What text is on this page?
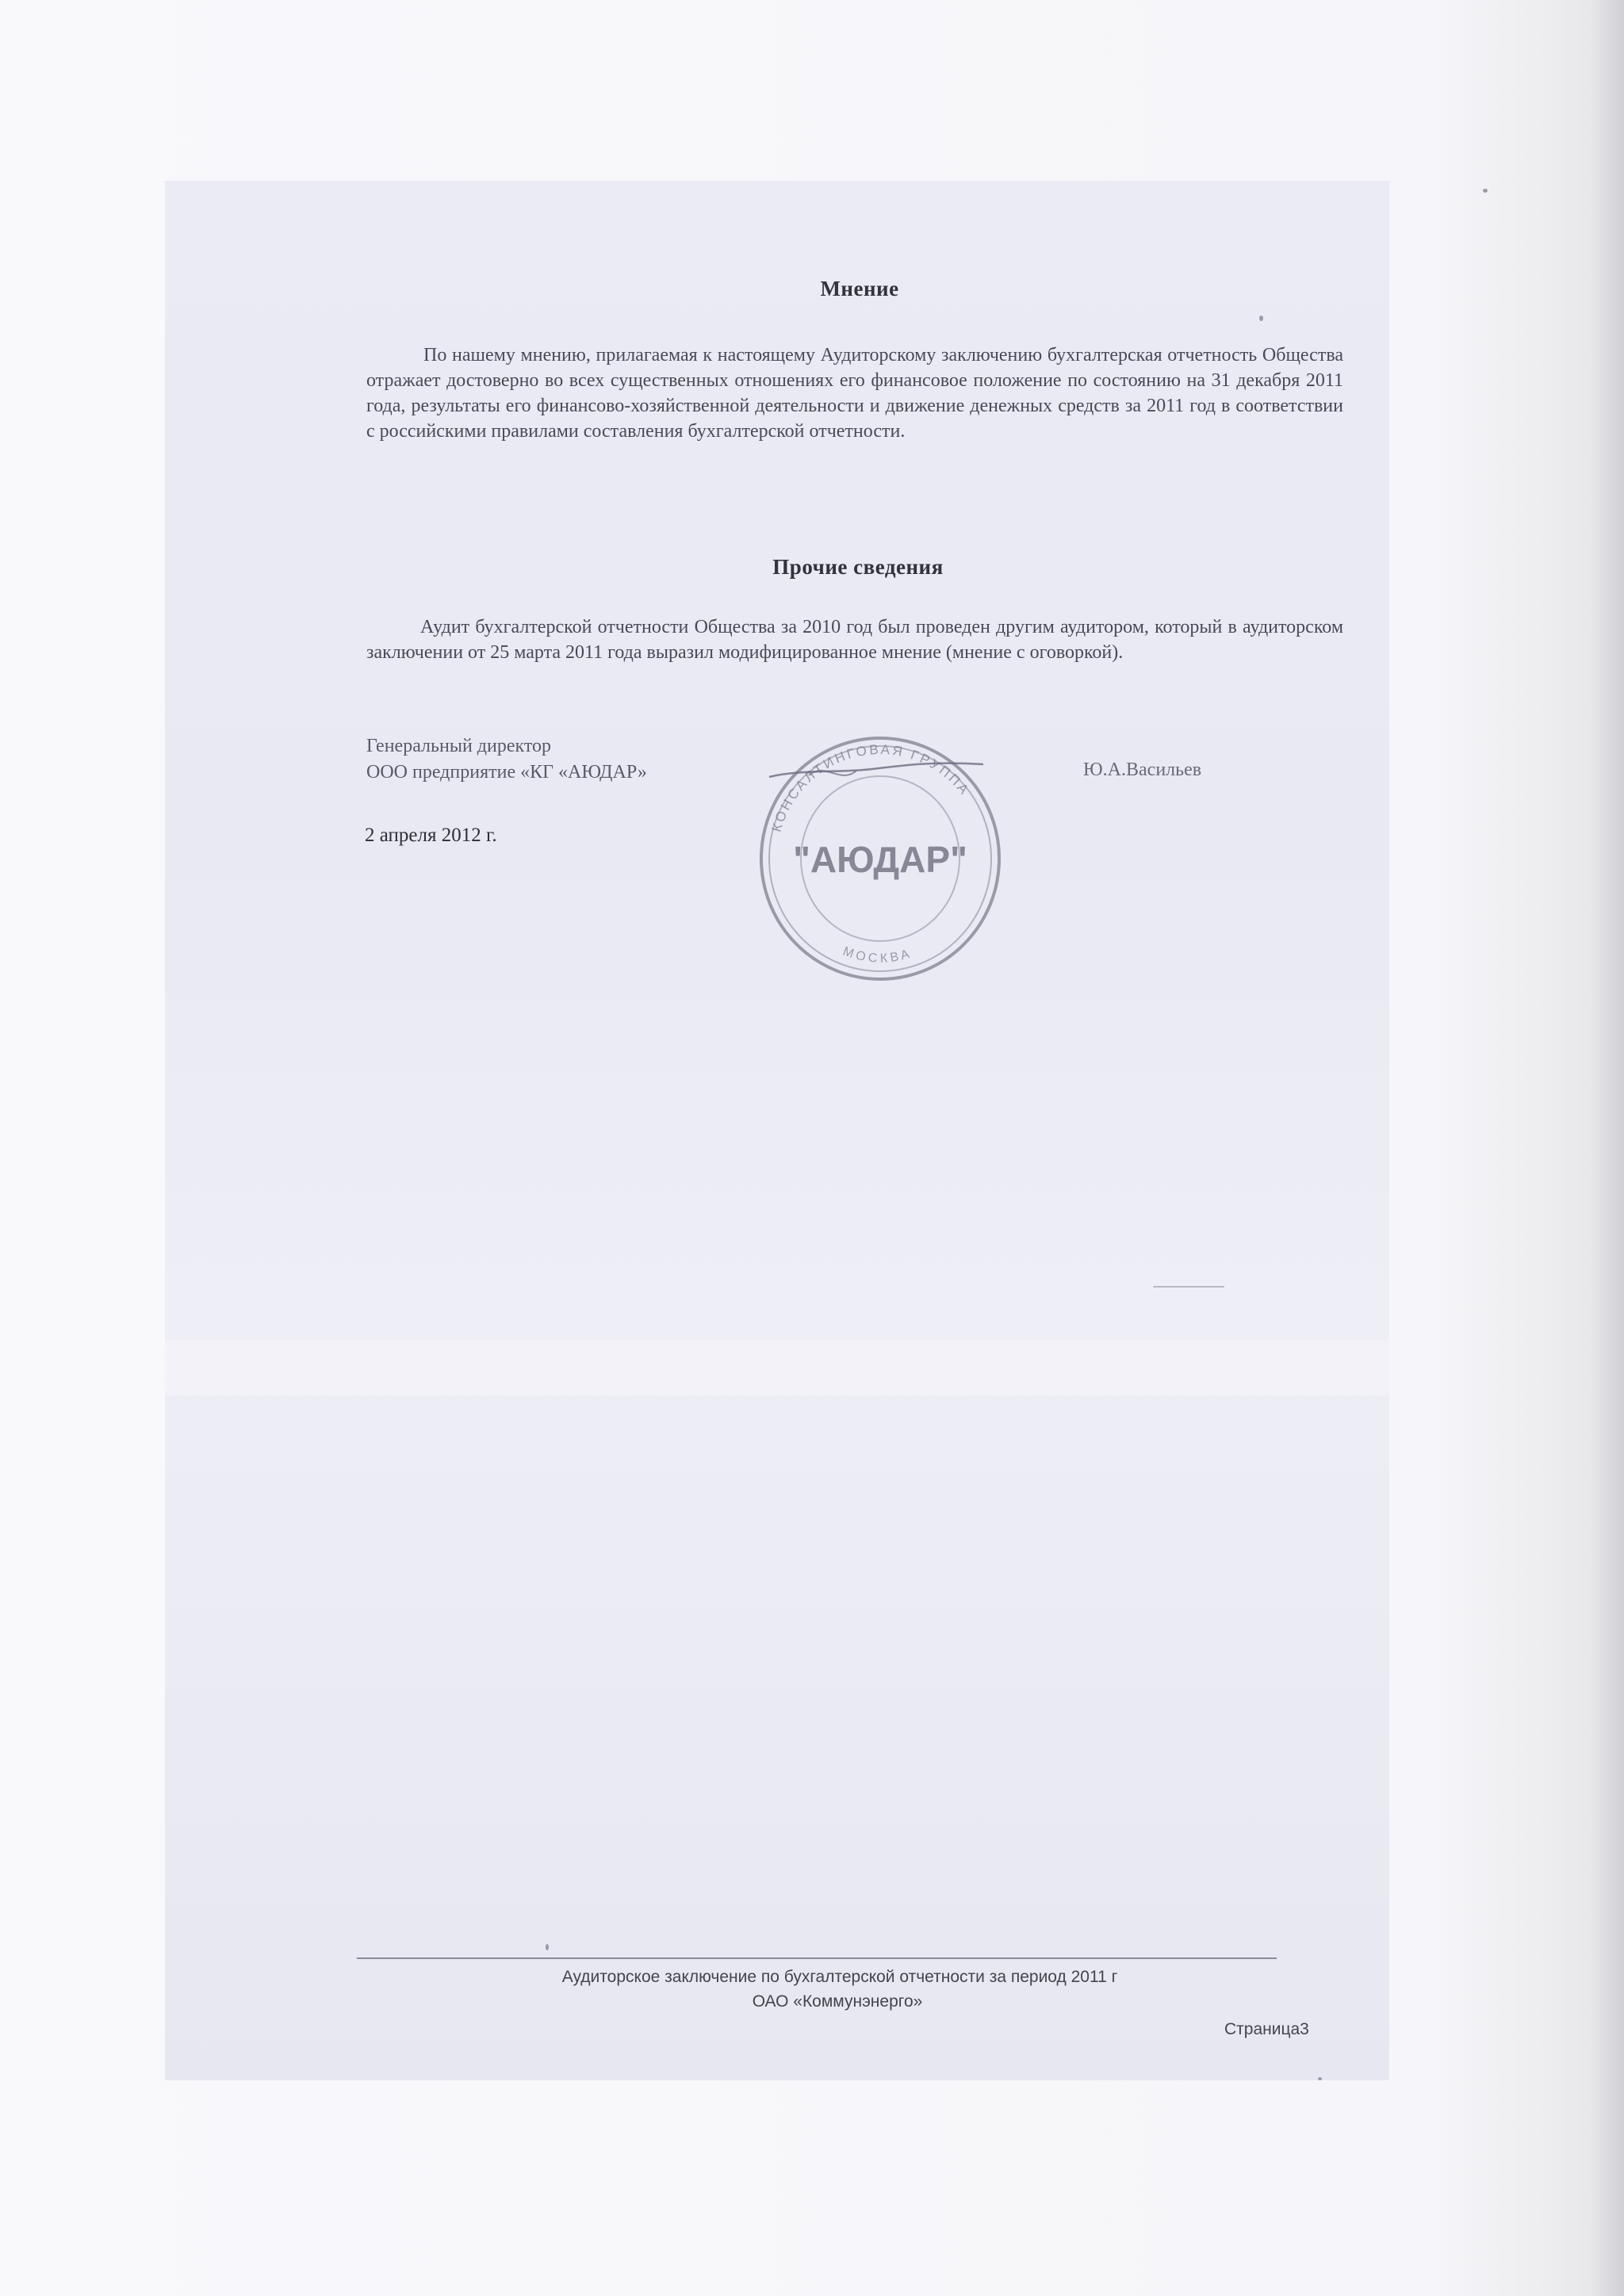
Мнение

По нашему мнению, прилагаемая к настоящему Аудиторскому заключению бухгалтерская отчетность Общества отражает достоверно во всех существенных отношениях его финансовое положение по состоянию на 31 декабря 2011 года, результаты его финансово-хозяйственной деятельности и движение денежных средств за 2011 год в соответствии с российскими правилами составления бухгалтерской отчетности.

Прочие сведения

Аудит бухгалтерской отчетности Общества за 2010 год был проведен другим аудитором, который в аудиторском заключении от 25 марта 2011 года выразил модифицированное мнение (мнение с оговоркой).

Генеральный директор
ООО предприятие «КГ «АЮДАР»	Ю.А.Васильев
2 апреля 2012 г.	КОНСАЛТИНГОВАЯ ГРУППА
МОСКВА
"АЮДАР"
Аудиторское заключение по бухгалтерской отчетности за период 2011 г
ОАО «Коммунэнерго»
Страница3
